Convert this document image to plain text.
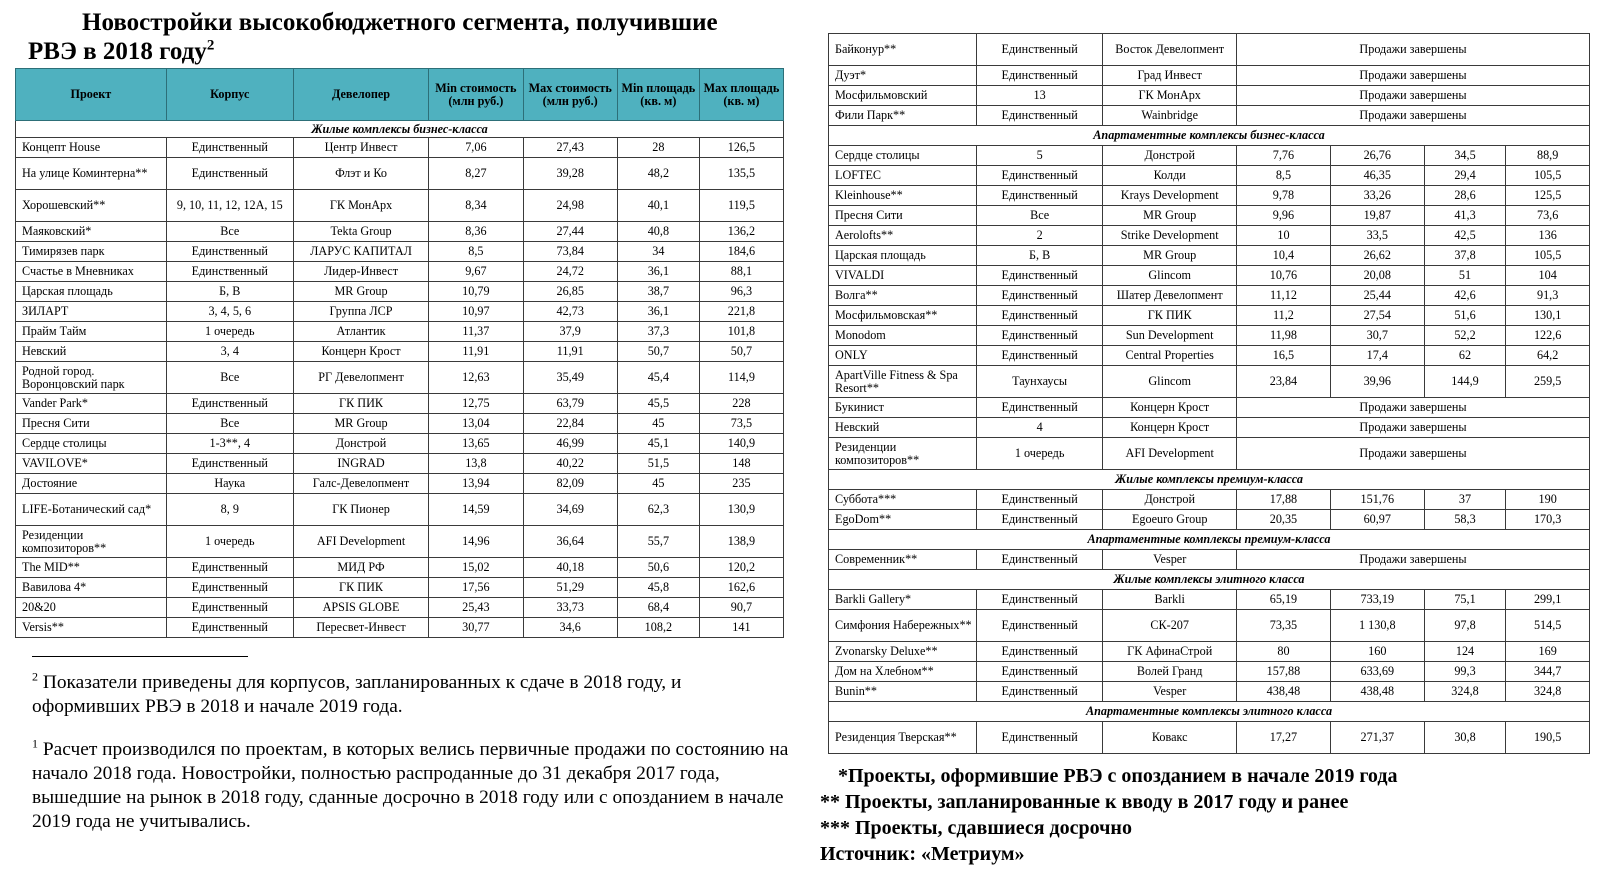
Новостройки высокобюджетного сегмента, получившие
РВЭ в 2018 году$^2$
Проект	Корпус	Девелопер	Min стоимость (млн руб.)	Max стоимость (млн руб.)	Min площадь (кв. м)	Max площадь (кв. м)
Жилые комплексы бизнес-класса						
Концепт House	Единственный	Центр Инвест	7,06	27,43	28	126,5
На улице Коминтерна**	Единственный	Флэт и Ко	8,27	39,28	48,2	135,5
Хорошевский**	9, 10, 11, 12, 12А, 15	ГК МонАрх	8,34	24,98	40,1	119,5
Маяковский*	Все	Tekta Group	8,36	27,44	40,8	136,2
Тимирязев парк	Единственный	ЛАРУС КАПИТАЛ	8,5	73,84	34	184,6
Счастье в Мневниках	Единственный	Лидер-Инвест	9,67	24,72	36,1	88,1
Царская площадь	Б, В	MR Group	10,79	26,85	38,7	96,3
ЗИЛАРТ	3, 4, 5, 6	Группа ЛСР	10,97	42,73	36,1	221,8
Прайм Тайм	1 очередь	Атлантик	11,37	37,9	37,3	101,8
Невский	3, 4	Концерн Крост	11,91	11,91	50,7	50,7
Родной город. Воронцовский парк	Все	РГ Девелопмент	12,63	35,49	45,4	114,9
Vander Park*	Единственный	ГК ПИК	12,75	63,79	45,5	228
Пресня Сити	Все	MR Group	13,04	22,84	45	73,5
Сердце столицы	1-3**, 4	Донстрой	13,65	46,99	45,1	140,9
VAVILOVE*	Единственный	INGRAD	13,8	40,22	51,5	148
Достояние	Наука	Галс-Девелопмент	13,94	82,09	45	235
LIFE-Ботанический сад*	8, 9	ГК Пионер	14,59	34,69	62,3	130,9
Резиденции композиторов**	1 очередь	AFI Development	14,96	36,64	55,7	138,9
The MID**	Единственный	МИД РФ	15,02	40,18	50,6	120,2
Вавилова 4*	Единственный	ГК ПИК	17,56	51,29	45,8	162,6
20&20	Единственный	APSIS GLOBE	25,43	33,73	68,4	90,7
Versis**	Единственный	Пересвет-Инвест	30,77	34,6	108,2	141
Байконур**	Единственный	Восток Девелопмент	Продажи завершены			
Дуэт*	Единственный	Град Инвест	Продажи завершены			
Мосфильмовский	13	ГК МонАрх	Продажи завершены			
Фили Парк**	Единственный	Wainbridge	Продажи завершены			
Апартаментные комплексы бизнес-класса						
Сердце столицы	5	Донстрой	7,76	26,76	34,5	88,9
LOFTEC	Единственный	Колди	8,5	46,35	29,4	105,5
Kleinhouse**	Единственный	Krays Development	9,78	33,26	28,6	125,5
Пресня Сити	Все	MR Group	9,96	19,87	41,3	73,6
Aerolofts**	2	Strike Development	10	33,5	42,5	136
Царская площадь	Б, В	MR Group	10,4	26,62	37,8	105,5
VIVALDI	Единственный	Glincom	10,76	20,08	51	104
Волга**	Единственный	Шатер Девелопмент	11,12	25,44	42,6	91,3
Мосфильмовская**	Единственный	ГК ПИК	11,2	27,54	51,6	130,1
Monodom	Единственный	Sun Development	11,98	30,7	52,2	122,6
ONLY	Единственный	Central Properties	16,5	17,4	62	64,2
ApartVille Fitness & Spa Resort**	Таунхаусы	Glincom	23,84	39,96	144,9	259,5
Букинист	Единственный	Концерн Крост	Продажи завершены			
Невский	4	Концерн Крост	Продажи завершены			
Резиденции композиторов**	1 очередь	AFI Development	Продажи завершены			
Жилые комплексы премиум-класса						
Суббота***	Единственный	Донстрой	17,88	151,76	37	190
EgoDom**	Единственный	Egoeuro Group	20,35	60,97	58,3	170,3
Апартаментные комплексы премиум-класса						
Современник**	Единственный	Vesper	Продажи завершены			
Жилые комплексы элитного класса						
Barkli Gallery*	Единственный	Barkli	65,19	733,19	75,1	299,1
Симфония Набережных**	Единственный	СК-207	73,35	1 130,8	97,8	514,5
Zvonarsky Deluxe**	Единственный	ГК АфинаСтрой	80	160	124	169
Дом на Хлебном**	Единственный	Волей Гранд	157,88	633,69	99,3	344,7
Bunin**	Единственный	Vesper	438,48	438,48	324,8	324,8
Апартаментные комплексы элитного класса						
Резиденция Тверская**	Единственный	Ковакс	17,27	271,37	30,8	190,5
$^2$ Показатели приведены для корпусов, запланированных к сдаче в 2018 году, и оформивших РВЭ в 2018 и начале 2019 года.
$^1$ Расчет производился по проектам, в которых велись первичные продажи по состоянию на начало 2018 года. Новостройки, полностью распроданные до 31 декабря 2017 года, вышедшие на рынок в 2018 году, сданные досрочно в 2018 году или с опозданием в начале 2019 года не учитывались.
*Проекты, оформившие РВЭ с опозданием в начале 2019 года
** Проекты, запланированные к вводу в 2017 году и ранее
*** Проекты, сдавшиеся досрочно
Источник: «Метриум»
